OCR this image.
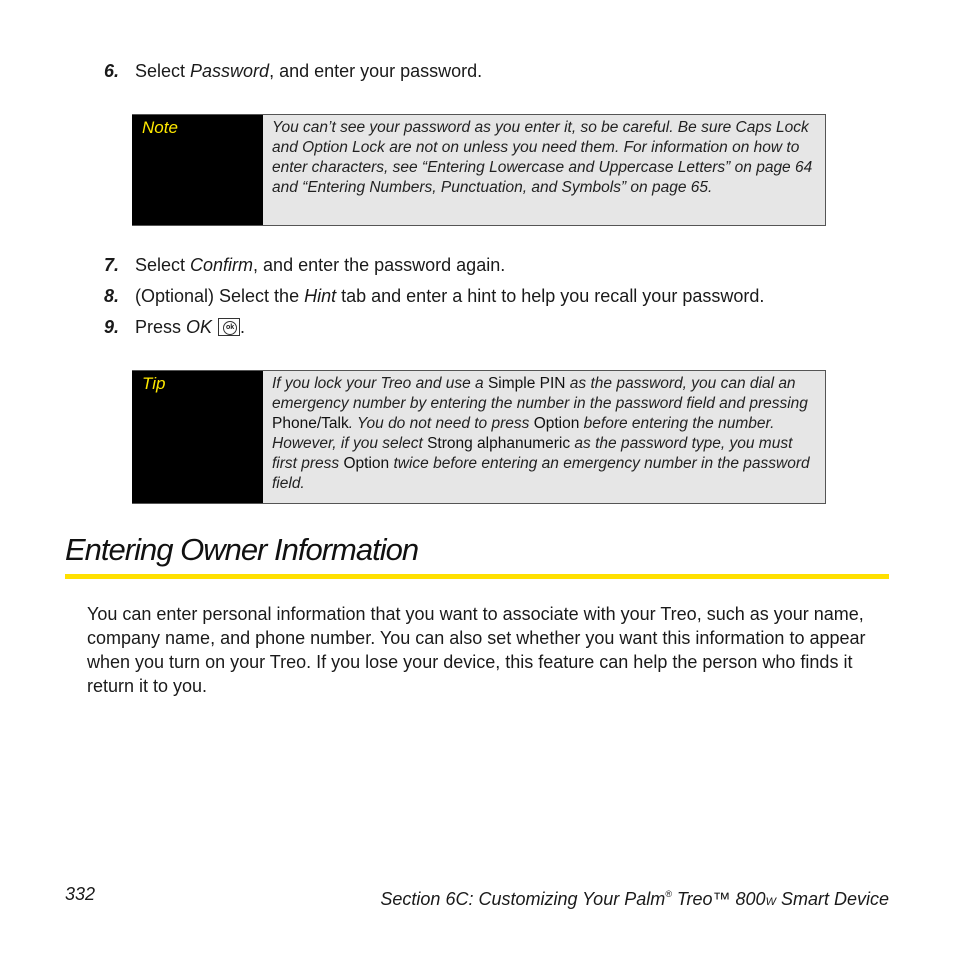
6. Select Password, and enter your password.
Note	You can’t see your password as you enter it, so be careful. Be sure Caps Lock and Option Lock are not on unless you need them. For information on how to enter characters, see “Entering Lowercase and Uppercase Letters” on page 64 and “Entering Numbers, Punctuation, and Symbols” on page 65.
7. Select Confirm, and enter the password again.
8. (Optional) Select the Hint tab and enter a hint to help you recall your password.
9. Press OK	ok .
Tip	If you lock your Treo and use a Simple PIN as the password, you can dial an emergency number by entering the number in the password field and pressing Phone/Talk. You do not need to press Option before entering the number. However, if you select Strong alphanumeric as the password type, you must first press Option twice before entering an emergency number in the password field.
Entering Owner Information
You can enter personal information that you want to associate with your Treo, such as your name, company name, and phone number. You can also set whether you want this information to appear when you turn on your Treo. If you lose your device, this feature can help the person who finds it return it to you.
332	Section 6C: Customizing Your Palm® Treo™ 800W Smart Device
